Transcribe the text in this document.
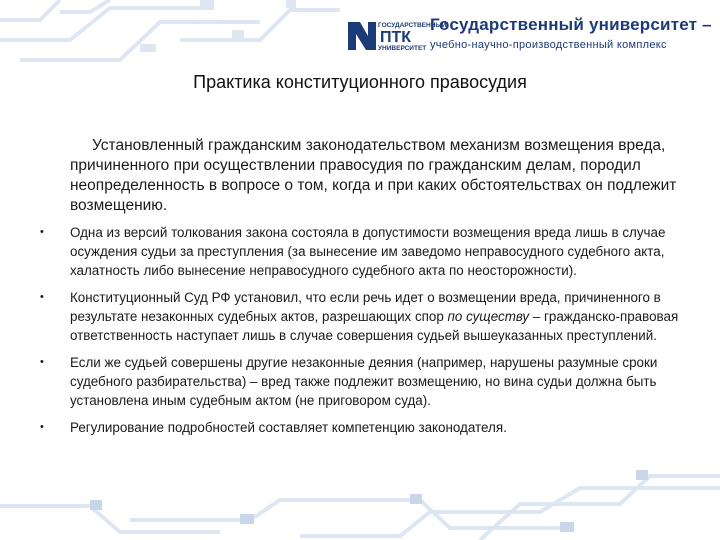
ГОСУДАРСТВЕННЫЙ
ПТК
УНИВЕРСИТЕТ
Государственный университет –
учебно-научно-производственный комплекс
Практика конституционного правосудия
Установленный гражданским законодательством механизм возмещения вреда, причиненного при осуществлении правосудия по гражданским делам, породил неопределенность в вопросе о том, когда и при каких обстоятельствах он подлежит возмещению.
•	Одна из версий толкования закона состояла в допустимости возмещения вреда лишь в случае осуждения судьи за преступления (за вынесение им заведомо неправосудного судебного акта, халатность либо вынесение неправосудного судебного акта по неосторожности).
•	Конституционный Суд РФ установил, что если речь идет о возмещении вреда, причиненного в результате незаконных судебных актов, разрешающих спор по существу – гражданско-правовая ответственность наступает лишь в случае совершения судьей вышеуказанных преступлений.
•	Если же судьей совершены другие незаконные деяния (например, нарушены разумные сроки судебного разбирательства) – вред также подлежит возмещению, но вина судьи должна быть установлена иным судебным актом (не приговором суда).
•	Регулирование подробностей составляет компетенцию законодателя.
